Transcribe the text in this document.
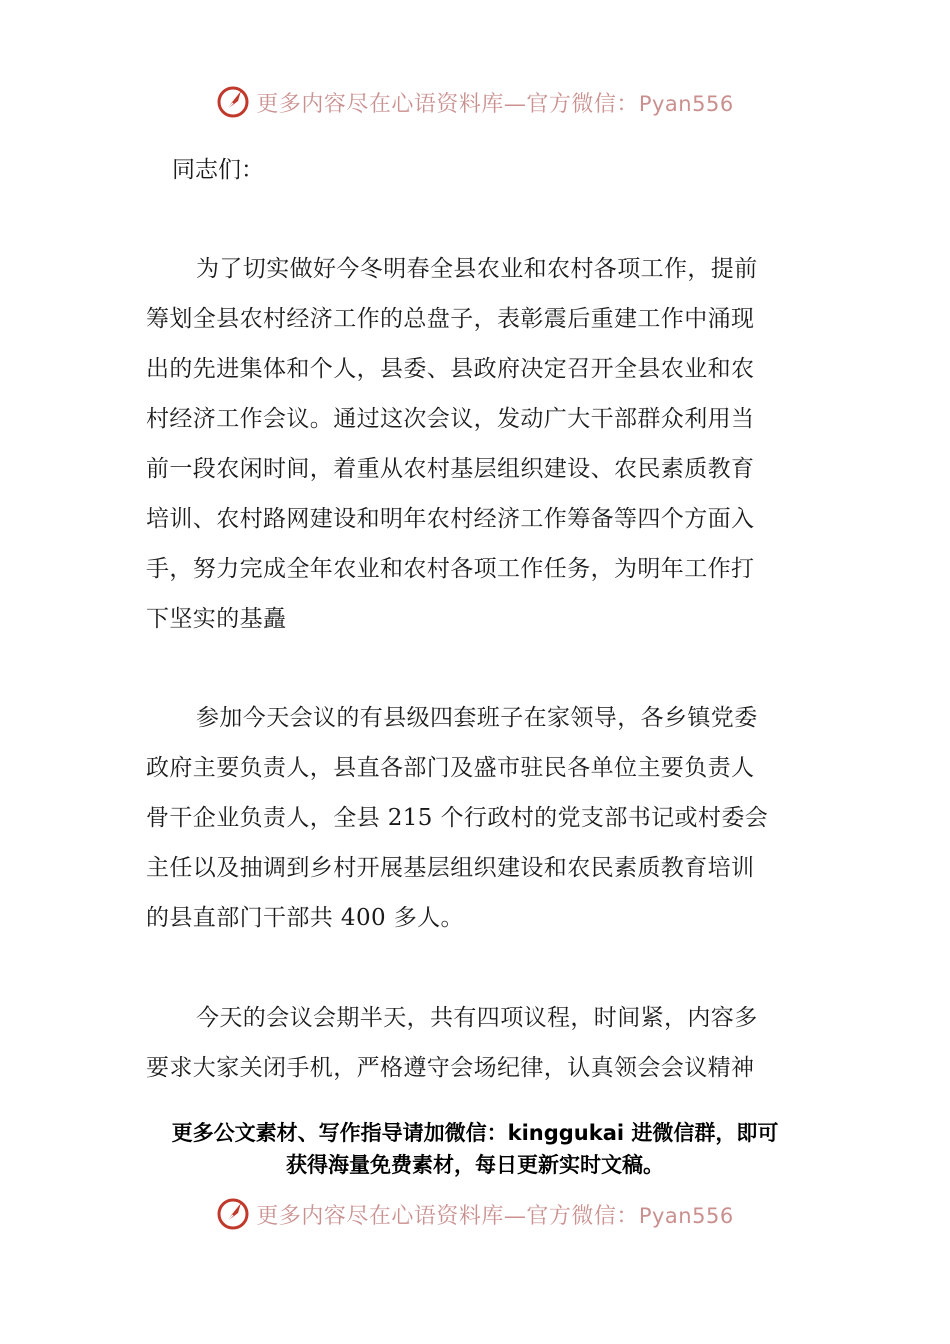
更多内容尽在心语资料库—官方微信：Pyan556
同志们：
为了切实做好今冬明春全县农业和农村各项工作，提前
筹划全县农村经济工作的总盘子，表彰震后重建工作中涌现
出的先进集体和个人，县委、县政府决定召开全县农业和农
村经济工作会议。通过这次会议，发动广大干部群众利用当
前一段农闲时间，着重从农村基层组织建设、农民素质教育
培训、农村路网建设和明年农村经济工作筹备等四个方面入
手，努力完成全年农业和农村各项工作任务，为明年工作打
下坚实的基矗
参加今天会议的有县级四套班子在家领导，各乡镇党委
政府主要负责人，县直各部门及盛市驻民各单位主要负责人
骨干企业负责人，全县 215 个行政村的党支部书记或村委会
主任以及抽调到乡村开展基层组织建设和农民素质教育培训
的县直部门干部共 400 多人。
今天的会议会期半天，共有四项议程，时间紧，内容多
要求大家关闭手机，严格遵守会场纪律，认真领会会议精神
更多公文素材、写作指导请加微信：kinggukai 进微信群，即可
获得海量免费素材，每日更新实时文稿。
更多内容尽在心语资料库—官方微信：Pyan556
